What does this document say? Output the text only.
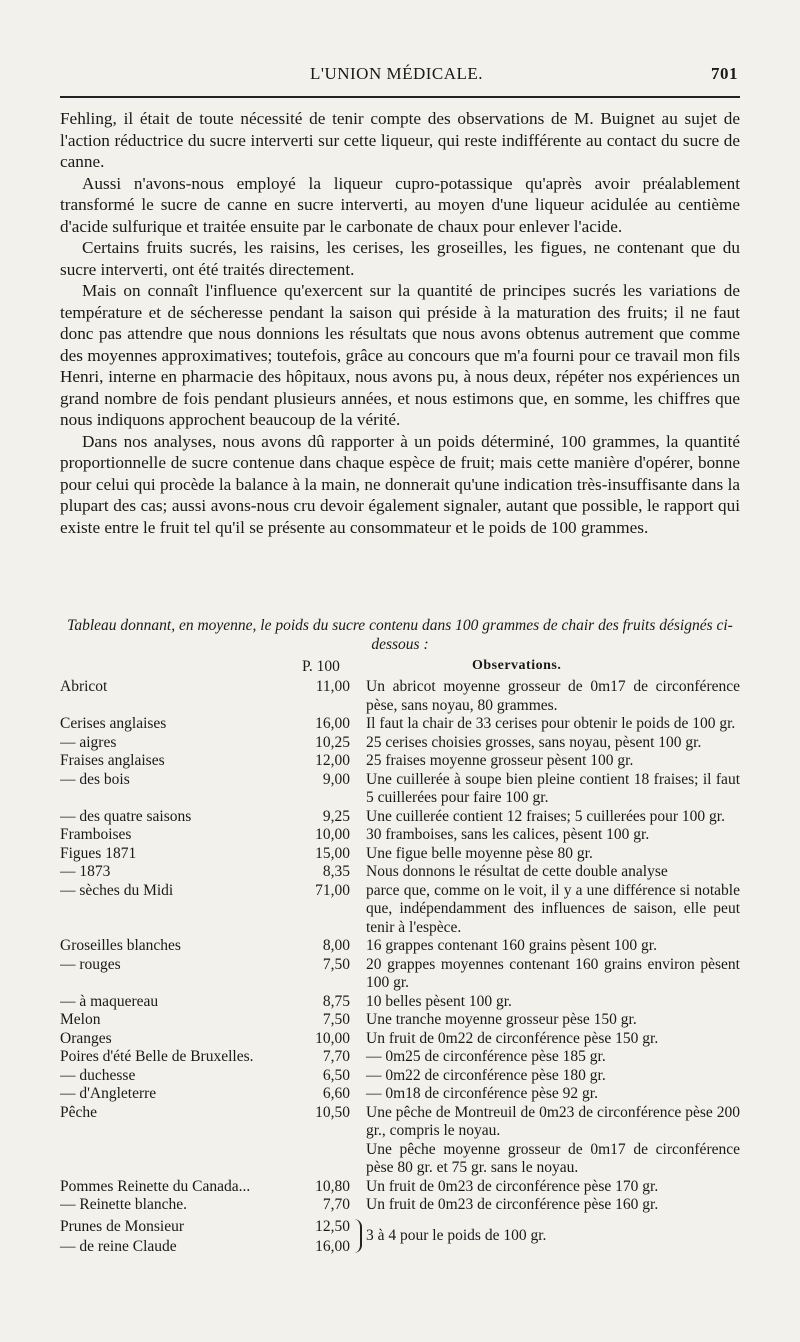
L'UNION MÉDICALE.	701

Fehling, il était de toute nécessité de tenir compte des observations de M. Buignet au sujet de l'action réductrice du sucre interverti sur cette liqueur, qui reste indifférente au contact du sucre de canne.

Aussi n'avons-nous employé la liqueur cupro-potassique qu'après avoir préalablement transformé le sucre de canne en sucre interverti, au moyen d'une liqueur acidulée au centième d'acide sulfurique et traitée ensuite par le carbonate de chaux pour enlever l'acide.

Certains fruits sucrés, les raisins, les cerises, les groseilles, les figues, ne contenant que du sucre interverti, ont été traités directement.

Mais on connaît l'influence qu'exercent sur la quantité de principes sucrés les variations de température et de sécheresse pendant la saison qui préside à la maturation des fruits; il ne faut donc pas attendre que nous donnions les résultats que nous avons obtenus autrement que comme des moyennes approximatives; toutefois, grâce au concours que m'a fourni pour ce travail mon fils Henri, interne en pharmacie des hôpitaux, nous avons pu, à nous deux, répéter nos expériences un grand nombre de fois pendant plusieurs années, et nous estimons que, en somme, les chiffres que nous indiquons approchent beaucoup de la vérité.

Dans nos analyses, nous avons dû rapporter à un poids déterminé, 100 grammes, la quantité proportionnelle de sucre contenue dans chaque espèce de fruit; mais cette manière d'opérer, bonne pour celui qui procède la balance à la main, ne donnerait qu'une indication très-insuffisante dans la plupart des cas; aussi avons-nous cru devoir également signaler, autant que possible, le rapport qui existe entre le fruit tel qu'il se présente au consommateur et le poids de 100 grammes.

Tableau donnant, en moyenne, le poids du sucre contenu dans 100 grammes de chair des fruits désignés ci-dessous :
P. 100	Observations.
Abricot	11,00 Un abricot moyenne grosseur de 0m17 de circonférence pèse, sans noyau, 80 grammes.
Cerises anglaises	16,00 Il faut la chair de 33 cerises pour obtenir le poids de 100 gr.
— aigres	10,25 25 cerises choisies grosses, sans noyau, pèsent 100 gr.
Fraises anglaises	12,00 25 fraises moyenne grosseur pèsent 100 gr.
— des bois	9,00 Une cuillerée à soupe bien pleine contient 18 fraises; il faut 5 cuillerées pour faire 100 gr.
— des quatre saisons	9,25 Une cuillerée contient 12 fraises; 5 cuillerées pour 100 gr.
Framboises	10,00 30 framboises, sans les calices, pèsent 100 gr.
Figues 1871	15,00 Une figue belle moyenne pèse 80 gr.
— 1873	8,35 Nous donnons le résultat de cette double analyse
— sèches du Midi	71,00 parce que, comme on le voit, il y a une différence si notable que, indépendamment des influences de saison, elle peut tenir à l'espèce.
Groseilles blanches	8,00 16 grappes contenant 160 grains pèsent 100 gr.
— rouges	7,50 20 grappes moyennes contenant 160 grains environ pèsent 100 gr.
— à maquereau	8,75 10 belles pèsent 100 gr.
Melon	7,50 Une tranche moyenne grosseur pèse 150 gr.
Oranges	10,00 Un fruit de 0m22 de circonférence pèse 150 gr.
Poires d'été Belle de Bruxelles.	7,70 — 0m25 de circonférence pèse 185 gr.
— duchesse	6,50 — 0m22 de circonférence pèse 180 gr.
— d'Angleterre	6,60 — 0m18 de circonférence pèse 92 gr.
Pêche	10,50 Une pêche de Montreuil de 0m23 de circonférence pèse 200 gr., compris le noyau.
Une pêche moyenne grosseur de 0m17 de circonférence pèse 80 gr. et 75 gr. sans le noyau.
Pommes Reinette du Canada...	10,80 Un fruit de 0m23 de circonférence pèse 170 gr.
— Reinette blanche.	7,70 Un fruit de 0m23 de circonférence pèse 160 gr.
Prunes de Monsieur	12,50
— de reine Claude	16,00
3 à 4 pour le poids de 100 gr.
